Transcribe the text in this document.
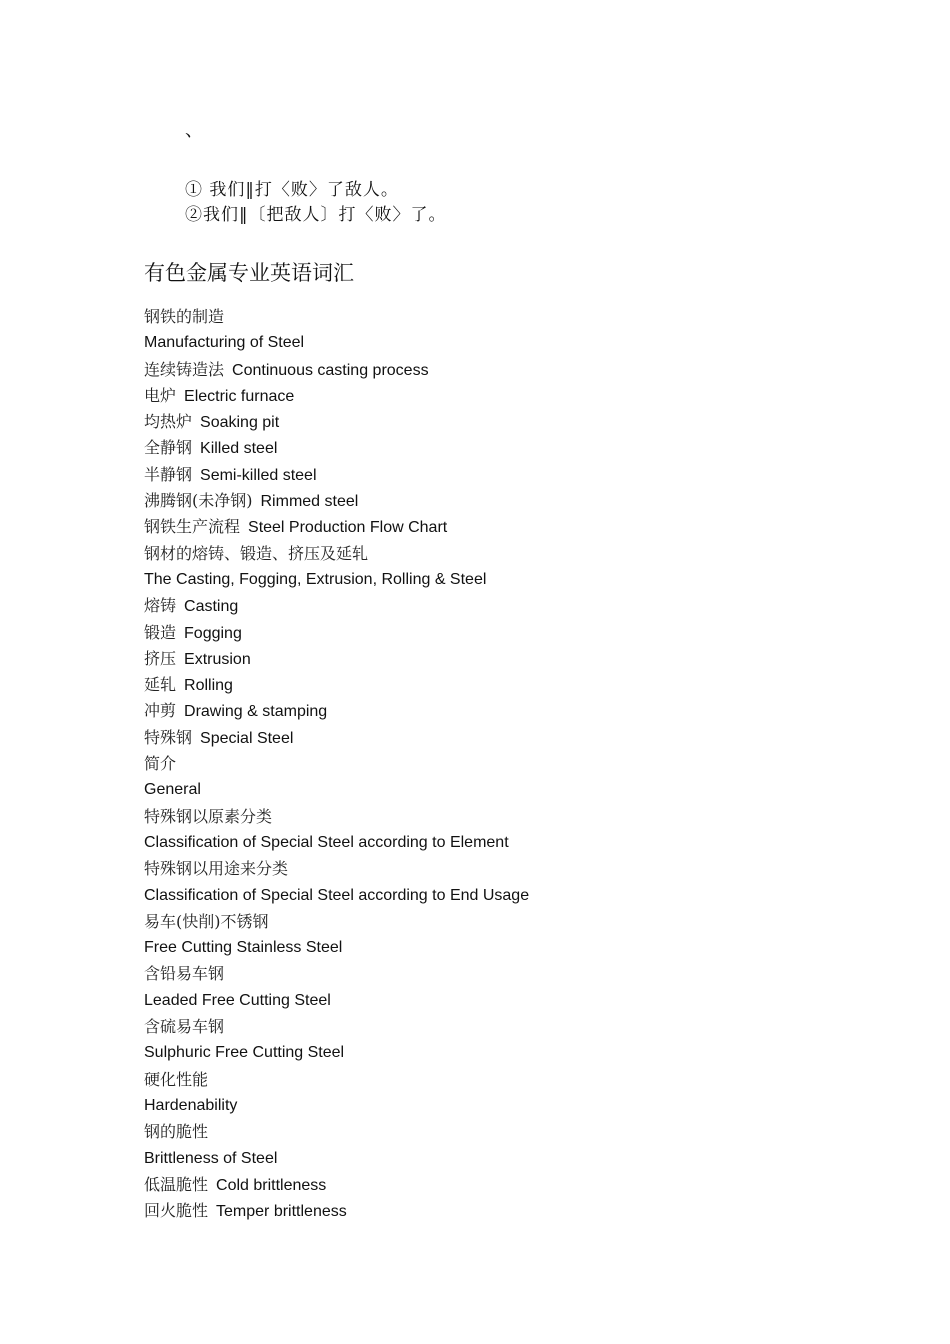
、
① 我们‖打〈败〉了敌人。
②我们‖〔把敌人〕打〈败〉了。
有色金属专业英语词汇
钢铁的制造
Manufacturing of Steel
连续铸造法 Continuous casting process
电炉 Electric furnace
均热炉 Soaking pit
全静钢 Killed steel
半静钢 Semi-killed steel
沸腾钢(未净钢) Rimmed steel
钢铁生产流程 Steel Production Flow Chart
钢材的熔铸、锻造、挤压及延轧
The Casting, Fogging, Extrusion, Rolling & Steel
熔铸 Casting
锻造 Fogging
挤压 Extrusion
延轧 Rolling
冲剪 Drawing & stamping
特殊钢 Special Steel
简介
General
特殊钢以原素分类
Classification of Special Steel according to Element
特殊钢以用途来分类
Classification of Special Steel according to End Usage
易车(快削)不锈钢
Free Cutting Stainless Steel
含铅易车钢
Leaded Free Cutting Steel
含硫易车钢
Sulphuric Free Cutting Steel
硬化性能
Hardenability
钢的脆性
Brittleness of Steel
低温脆性 Cold brittleness
回火脆性 Temper brittleness
